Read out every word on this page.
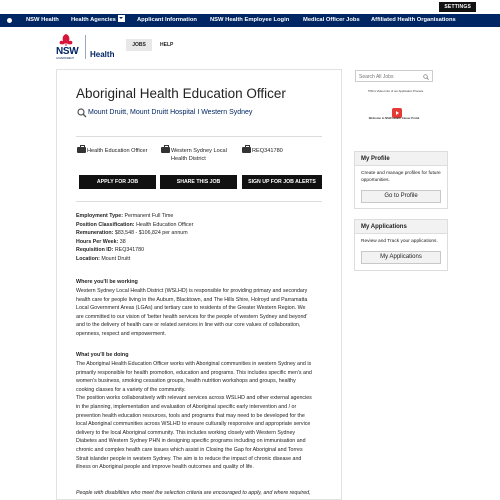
SETTINGS
NSW Health Health Agencies	Applicant Information NSW Health Employee Login Medical Officer Jobs Affiliated Health Organisations
NSW
GOVERNMENT Health
JOBS	HELP
Aboriginal Health Education Officer
Mount Druitt, Mount Druitt Hospital I Western Sydney
Health Education Officer	Western Sydney Local
Health District
REQ341780
APPLY FOR JOB	SHARE THIS JOB	SIGN UP FOR JOB ALERTS
Employment Type: Permanent Full Time
Position Classification: Health Education Officer
Remuneration: $83,548 - $106,824 per annum
Hours Per Week: 38
Requisition ID: REQ341780
Location: Mount Druitt
Where you'll be working
Western Sydney Local Health District (WSLHD) is responsible for providing primary and secondary
health care for people living in the Auburn, Blacktown, and The Hills Shire, Holroyd and Parramatta
Local Government Areas (LGAs) and tertiary care to residents of the Greater Western Region. We
are committed to our vision of 'better health services for the people of western Sydney and beyond'
and to the delivery of health care or related services in line with our core values of collaboration,
openness, respect and empowerment.
What you'll be doing
The Aboriginal Health Education Officer works with Aboriginal communities in western Sydney and is
primarily responsible for health promotion, education and programs. This includes specific men's and
women's business, smoking cessation groups, health nutrition workshops and groups, healthy
cooking classes for a variety of the community.
The position works collaboratively with relevant services across WSLHD and other external agencies
in the planning, implementation and evaluation of Aboriginal specific early intervention and / or
prevention health education resources, tools and programs that may need to be developed for the
local Aboriginal communities across WSLHD to ensure culturally responsive and appropriate service
delivery to the local Aboriginal community. This includes working closely with Western Sydney
Diabetes and Western Sydney PHN in designing specific programs including on immunisation and
chronic and complex health care issues which assist in Closing the Gap for Aboriginal and Torres
Strait islander people in western Sydney. The aim is to reduce the impact of chronic disease and
illness on Aboriginal people and improve health outcomes and quality of life.
People with disabilities who meet the selection criteria are encouraged to apply, and where required,
Search All Jobs
Tiffin's Video Intro of our Application Process
Welcome to NSW Health Career Portal
My Profile
Create and manage profiles for future opportunities.
Go to Profile
My Applications
Review and Track your applications.
My Applications
